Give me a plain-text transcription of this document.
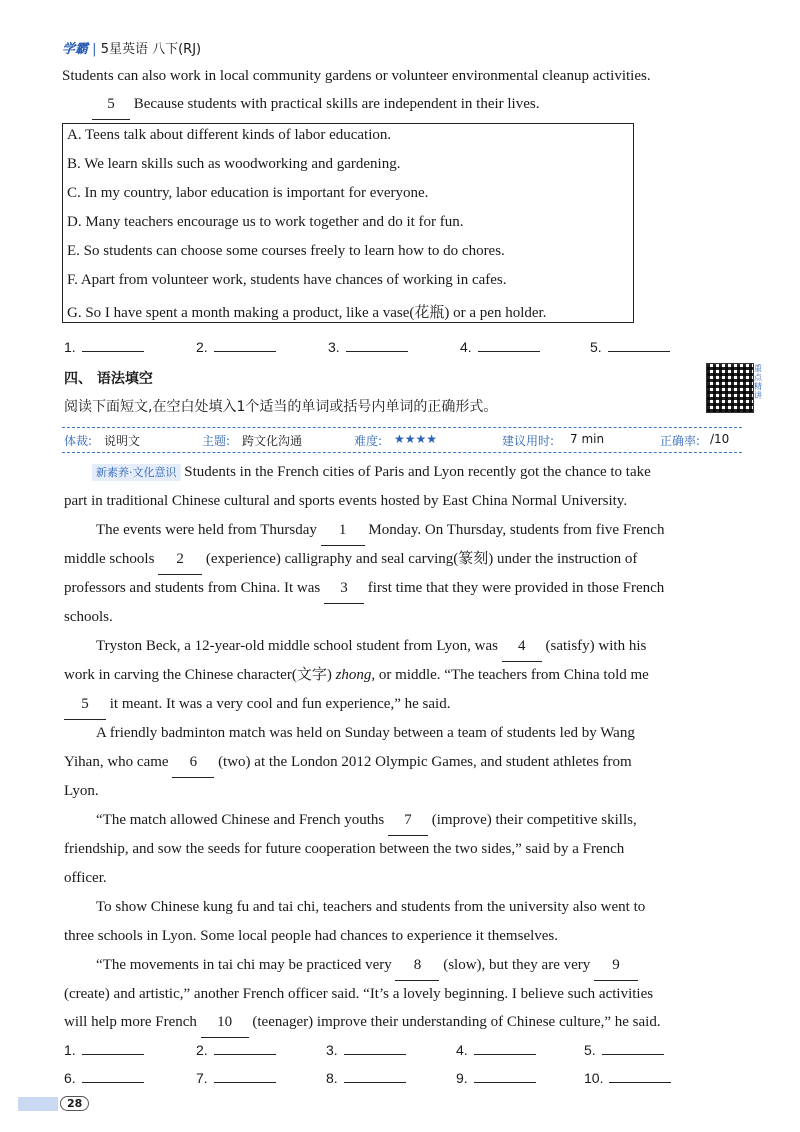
学霸 | 5星英语 八下(RJ)
Students can also work in local community gardens or volunteer environmental cleanup activities.
5 Because students with practical skills are independent in their lives.
A. Teens talk about different kinds of labor education.
B. We learn skills such as woodworking and gardening.
C. In my country, labor education is important for everyone.
D. Many teachers encourage us to work together and do it for fun.
E. So students can choose some courses freely to learn how to do chores.
F. Apart from volunteer work, students have chances of working in cafes.
G. So I have spent a month making a product, like a vase(花瓶) or a pen holder.
1.	2.	3.	4.	5.
四、 语法填空
阅读下面短文,在空白处填入1个适当的单词或括号内单词的正确形式。
重点精讲
体裁: 说明文	主题: 跨文化沟通	难度: ★★★★	建议用时: 7 min	正确率: /10
新素养·文化意识 Students in the French cities of Paris and Lyon recently got the chance to take
part in traditional Chinese cultural and sports events hosted by East China Normal University.
The events were held from Thursday 1 Monday. On Thursday, students from five French
middle schools 2 (experience) calligraphy and seal carving(篆刻) under the instruction of
professors and students from China. It was 3 first time that they were provided in those French
schools.
Tryston Beck, a 12-year-old middle school student from Lyon, was 4 (satisfy) with his
work in carving the Chinese character(文字) zhong, or middle. “The teachers from China told me
5 it meant. It was a very cool and fun experience,” he said.
A friendly badminton match was held on Sunday between a team of students led by Wang
Yihan, who came 6 (two) at the London 2012 Olympic Games, and student athletes from
Lyon.
“The match allowed Chinese and French youths 7 (improve) their competitive skills,
friendship, and sow the seeds for future cooperation between the two sides,” said by a French
officer.
To show Chinese kung fu and tai chi, teachers and students from the university also went to
three schools in Lyon. Some local people had chances to experience it themselves.
“The movements in tai chi may be practiced very 8 (slow), but they are very 9
(create) and artistic,” another French officer said. “It’s a lovely beginning. I believe such activities
will help more French 10 (teenager) improve their understanding of Chinese culture,” he said.
1.	2.	3.	4.	5.
6.	7.	8.	9.	10.
28
